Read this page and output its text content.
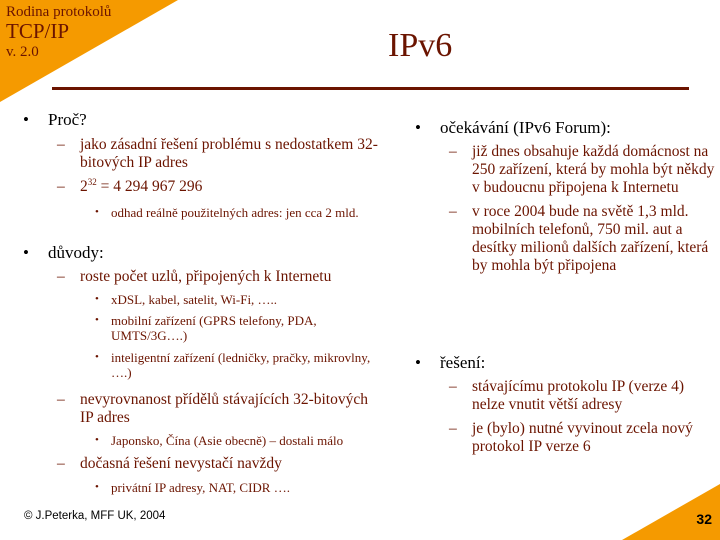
Rodina protokolů
TCP/IP
v. 2.0	IPv6
• Proč?
– jako zásadní řešení problému s nedostatkem 32-bitových IP adres
– $2^{32} = 4$ 294 967 296
• odhad reálně použitelných adres: jen cca 2 mld.
• důvody:
– roste počet uzlů, připojených k Internetu
• xDSL, kabel, satelit, Wi-Fi, …..
• mobilní zařízení (GPRS telefony, PDA, UMTS/3G….)
• inteligentní zařízení (ledničky, pračky, mikrovlny, ….)
– nevyrovnanost přídělů stávajících 32-bitových IP adres
• Japonsko, Čína (Asie obecně) – dostali málo
– dočasná řešení nevystačí navždy
• privátní IP adresy, NAT, CIDR ….
• očekávání (IPv6 Forum):
– již dnes obsahuje každá domácnost na 250 zařízení, která by mohla být někdy v budoucnu připojena k Internetu
– v roce 2004 bude na světě 1,3 mld. mobilních telefonů, 750 mil. aut a desítky milionů dalších zařízení, která by mohla být připojena
• řešení:
– stávajícímu protokolu IP (verze 4) nelze vnutit větší adresy
– je (bylo) nutné vyvinout zcela nový protokol IP verze 6
© J.Peterka, MFF UK, 2004	32
